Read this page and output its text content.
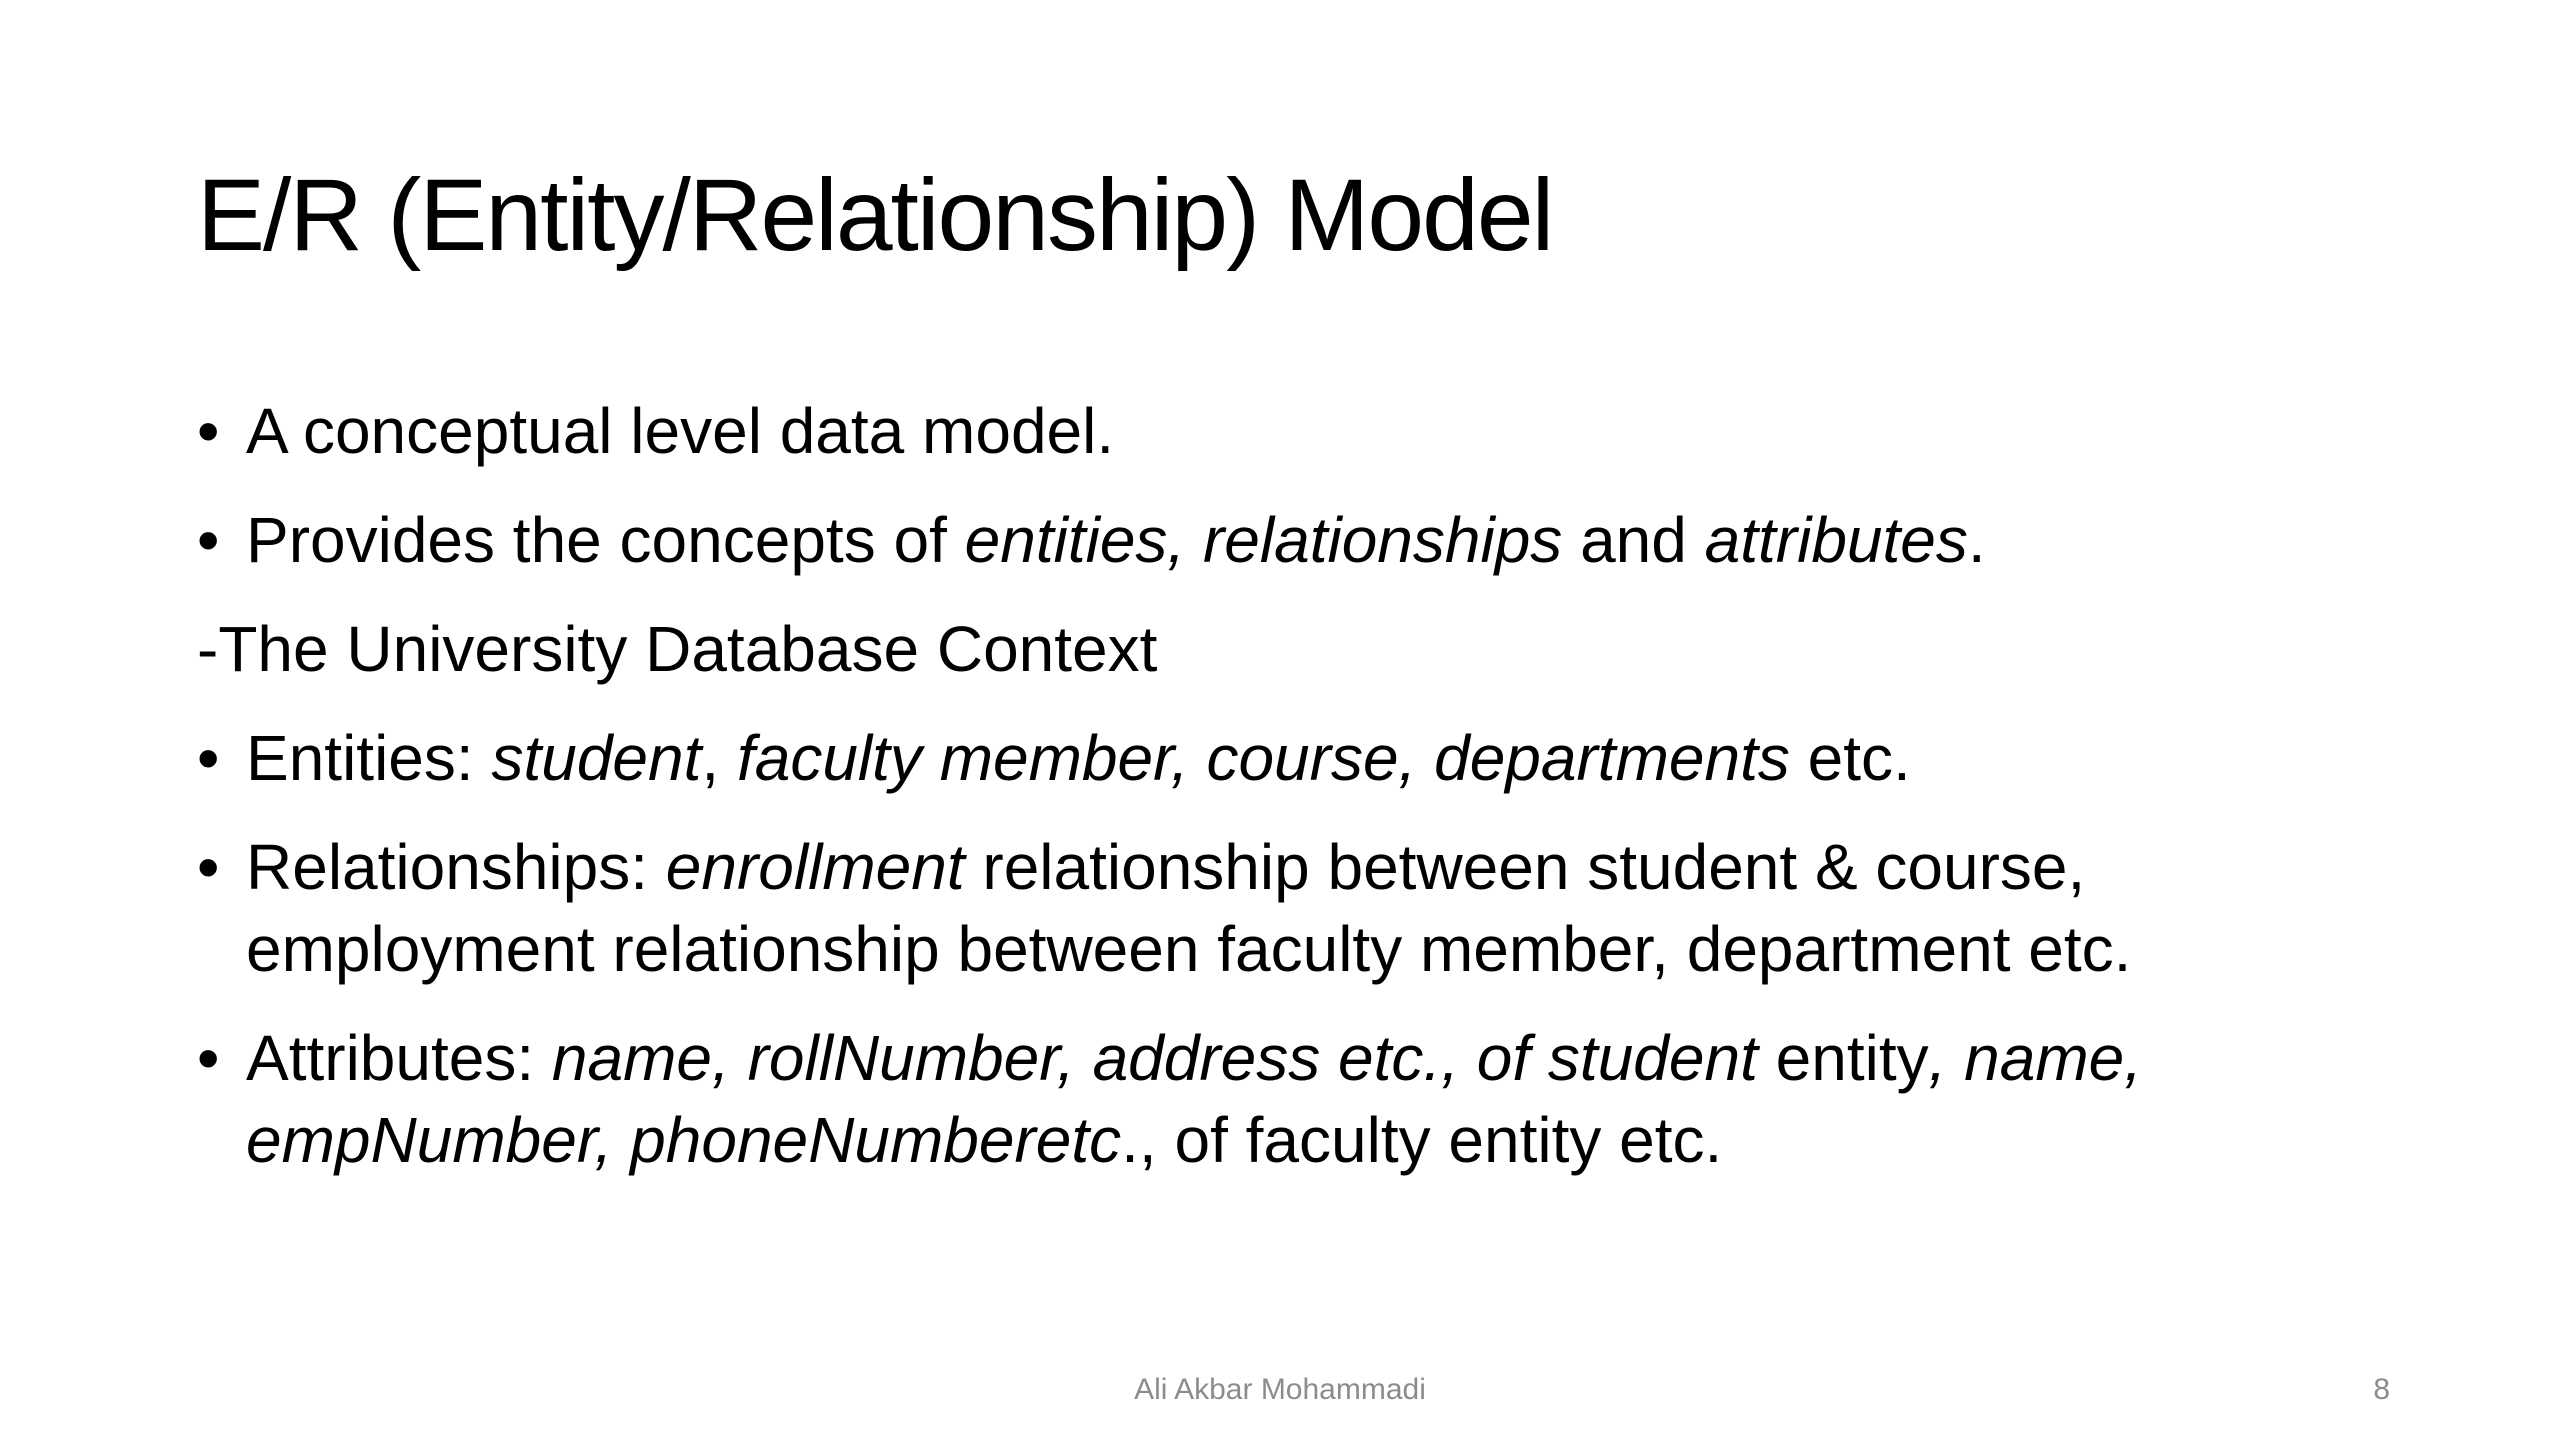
E/R (Entity/Relationship) Model
• A conceptual level data model.
• Provides the concepts of entities, relationships and attributes.
-The University Database Context
• Entities: student, faculty member, course, departments etc.
• Relationships: enrollment relationship between student & course,
employment relationship between faculty member, department etc.
• Attributes: name, rollNumber, address etc., of student entity, name,
empNumber, phoneNumberetc., of faculty entity etc.
Ali Akbar Mohammadi	8
